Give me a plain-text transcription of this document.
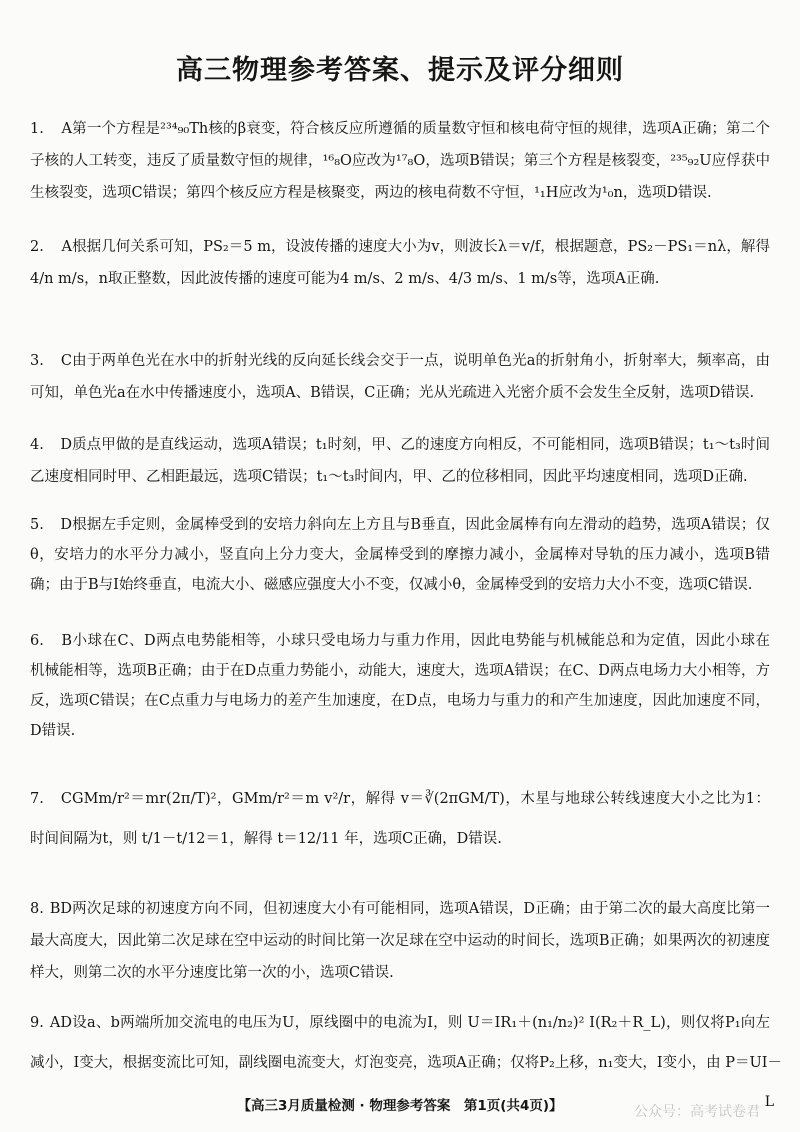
高三物理参考答案、提示及评分细则
1. A第一个方程是²³⁴₉₀Th核的β衰变，符合核反应所遵循的质量数守恒和核电荷守恒的规律，选项A正确；第二个
子核的人工转变，违反了质量数守恒的规律，¹⁶₈O应改为¹⁷₈O，选项B错误；第三个方程是核裂变，²³⁵₉₂U应俘获中
生核裂变，选项C错误；第四个核反应方程是核聚变，两边的核电荷数不守恒，¹₁H应改为¹₀n，选项D错误.
2. A根据几何关系可知，PS₂＝5 m，设波传播的速度大小为v，则波长λ＝v/f，根据题意，PS₂－PS₁＝nλ，解得
4/n m/s，n取正整数，因此波传播的速度可能为4 m/s、2 m/s、4/3 m/s、1 m/s等，选项A正确.
3. C由于两单色光在水中的折射光线的反向延长线会交于一点，说明单色光a的折射角小，折射率大，频率高，由
可知，单色光a在水中传播速度小，选项A、B错误，C正确；光从光疏进入光密介质不会发生全反射，选项D错误.
4. D质点甲做的是直线运动，选项A错误；t₁时刻，甲、乙的速度方向相反，不可能相同，选项B错误；t₁～t₃时间
乙速度相同时甲、乙相距最远，选项C错误；t₁～t₃时间内，甲、乙的位移相同，因此平均速度相同，选项D正确.
5. D根据左手定则，金属棒受到的安培力斜向左上方且与B垂直，因此金属棒有向左滑动的趋势，选项A错误；仅
θ，安培力的水平分力减小，竖直向上分力变大，金属棒受到的摩擦力减小，金属棒对导轨的压力减小，选项B错
确；由于B与I始终垂直，电流大小、磁感应强度大小不变，仅减小θ，金属棒受到的安培力大小不变，选项C错误.
6. B小球在C、D两点电势能相等，小球只受电场力与重力作用，因此电势能与机械能总和为定值，因此小球在
机械能相等，选项B正确；由于在D点重力势能小，动能大，速度大，选项A错误；在C、D两点电场力大小相等，方
反，选项C错误；在C点重力与电场力的差产生加速度，在D点，电场力与重力的和产生加速度，因此加速度不同，
D错误.
7. CGMm/r²＝mr(2π/T)²，GMm/r²＝m v²/r，解得 v＝∛(2πGM/T)，木星与地球公转线速度大小之比为1：
时间间隔为t，则 t/1－t/12＝1，解得 t＝12/11 年，选项C正确，D错误.
8. BD两次足球的初速度方向不同，但初速度大小有可能相同，选项A错误，D正确；由于第二次的最大高度比第一
最大高度大，因此第二次足球在空中运动的时间比第一次足球在空中运动的时间长，选项B正确；如果两次的初速度
样大，则第二次的水平分速度比第一次的小，选项C错误.
9. AD设a、b两端所加交流电的电压为U，原线圈中的电流为I，则 U＝IR₁＋(n₁/n₂)² I(R₂＋R_L)，则仅将P₁向左
减小，I变大，根据变流比可知，副线圈电流变大，灯泡变亮，选项A正确；仅将P₂上移，n₁变大，I变小，由 P＝UI－
【高三3月质量检测 · 物理参考答案　第1页(共4页)】	公众号：高考试卷君
L
